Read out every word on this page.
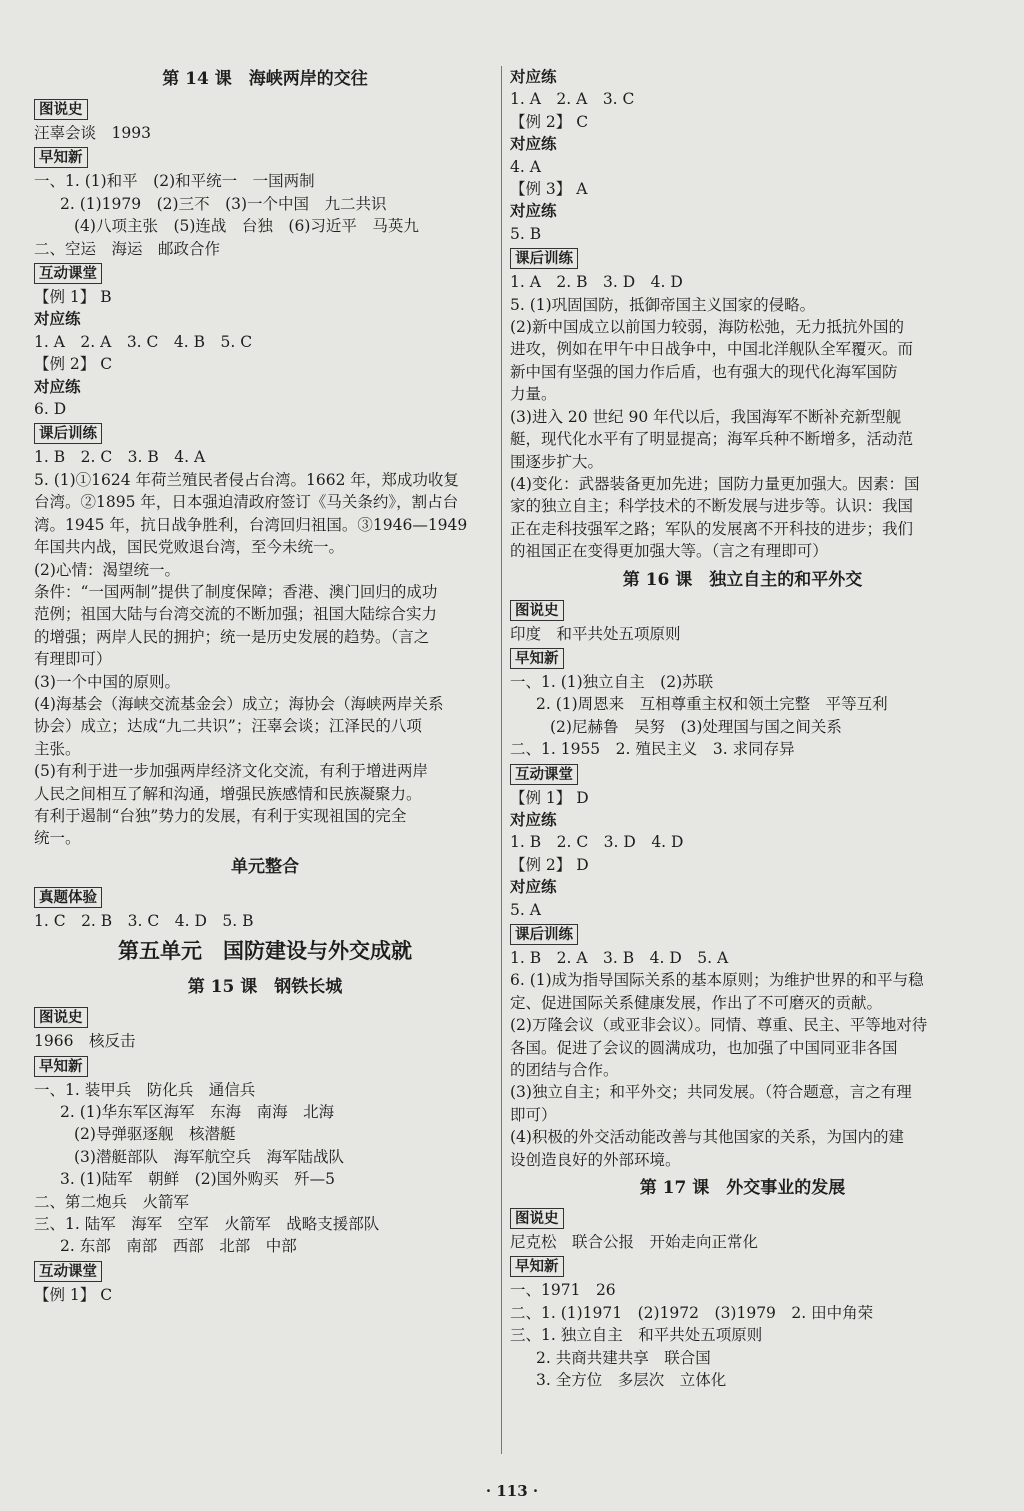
第 14 课　海峡两岸的交往
图说史
汪辜会谈　1993
早知新
一、1. (1)和平　(2)和平统一　一国两制
2. (1)1979　(2)三不　(3)一个中国　九二共识
(4)八项主张　(5)连战　台独　(6)习近平　马英九
二、空运　海运　邮政合作
互动课堂
【例 1】 B
对应练
1. A　2. A　3. C　4. B　5. C
【例 2】 C
对应练
6. D
课后训练
1. B　2. C　3. B　4. A
5. (1)①1624 年荷兰殖民者侵占台湾。1662 年，郑成功收复
台湾。②1895 年，日本强迫清政府签订《马关条约》，割占台
湾。1945 年，抗日战争胜利，台湾回归祖国。③1946—1949
年国共内战，国民党败退台湾，至今未统一。
(2)心情：渴望统一。
条件：“一国两制”提供了制度保障；香港、澳门回归的成功
范例；祖国大陆与台湾交流的不断加强；祖国大陆综合实力
的增强；两岸人民的拥护；统一是历史发展的趋势。（言之
有理即可）
(3)一个中国的原则。
(4)海基会（海峡交流基金会）成立；海协会（海峡两岸关系
协会）成立；达成“九二共识”；汪辜会谈；江泽民的八项
主张。
(5)有利于进一步加强两岸经济文化交流，有利于增进两岸
人民之间相互了解和沟通，增强民族感情和民族凝聚力。
有利于遏制“台独”势力的发展，有利于实现祖国的完全
统一。
单元整合
真题体验
1. C　2. B　3. C　4. D　5. B
第五单元　国防建设与外交成就
第 15 课　钢铁长城
图说史
1966　核反击
早知新
一、1. 装甲兵　防化兵　通信兵
2. (1)华东军区海军　东海　南海　北海
(2)导弹驱逐舰　核潜艇
(3)潜艇部队　海军航空兵　海军陆战队
3. (1)陆军　朝鲜　(2)国外购买　歼—5
二、第二炮兵　火箭军
三、1. 陆军　海军　空军　火箭军　战略支援部队
2. 东部　南部　西部　北部　中部
互动课堂
【例 1】 C
对应练
1. A　2. A　3. C
【例 2】 C
对应练
4. A
【例 3】 A
对应练
5. B
课后训练
1. A　2. B　3. D　4. D
5. (1)巩固国防，抵御帝国主义国家的侵略。
(2)新中国成立以前国力较弱，海防松弛，无力抵抗外国的
进攻，例如在甲午中日战争中，中国北洋舰队全军覆灭。而
新中国有坚强的国力作后盾，也有强大的现代化海军国防
力量。
(3)进入 20 世纪 90 年代以后，我国海军不断补充新型舰
艇，现代化水平有了明显提高；海军兵种不断增多，活动范
围逐步扩大。
(4)变化：武器装备更加先进；国防力量更加强大。因素：国
家的独立自主；科学技术的不断发展与进步等。认识：我国
正在走科技强军之路；军队的发展离不开科技的进步；我们
的祖国正在变得更加强大等。（言之有理即可）
第 16 课　独立自主的和平外交
图说史
印度　和平共处五项原则
早知新
一、1. (1)独立自主　(2)苏联
2. (1)周恩来　互相尊重主权和领土完整　平等互利
(2)尼赫鲁　吴努　(3)处理国与国之间关系
二、1. 1955　2. 殖民主义　3. 求同存异
互动课堂
【例 1】 D
对应练
1. B　2. C　3. D　4. D
【例 2】 D
对应练
5. A
课后训练
1. B　2. A　3. B　4. D　5. A
6. (1)成为指导国际关系的基本原则；为维护世界的和平与稳
定、促进国际关系健康发展，作出了不可磨灭的贡献。
(2)万隆会议（或亚非会议）。同情、尊重、民主、平等地对待
各国。促进了会议的圆满成功，也加强了中国同亚非各国
的团结与合作。
(3)独立自主；和平外交；共同发展。（符合题意，言之有理
即可）
(4)积极的外交活动能改善与其他国家的关系，为国内的建
设创造良好的外部环境。
第 17 课　外交事业的发展
图说史
尼克松　联合公报　开始走向正常化
早知新
一、1971　26
二、1. (1)1971　(2)1972　(3)1979　2. 田中角荣
三、1. 独立自主　和平共处五项原则
2. 共商共建共享　联合国
3. 全方位　多层次　立体化
· 113 ·
